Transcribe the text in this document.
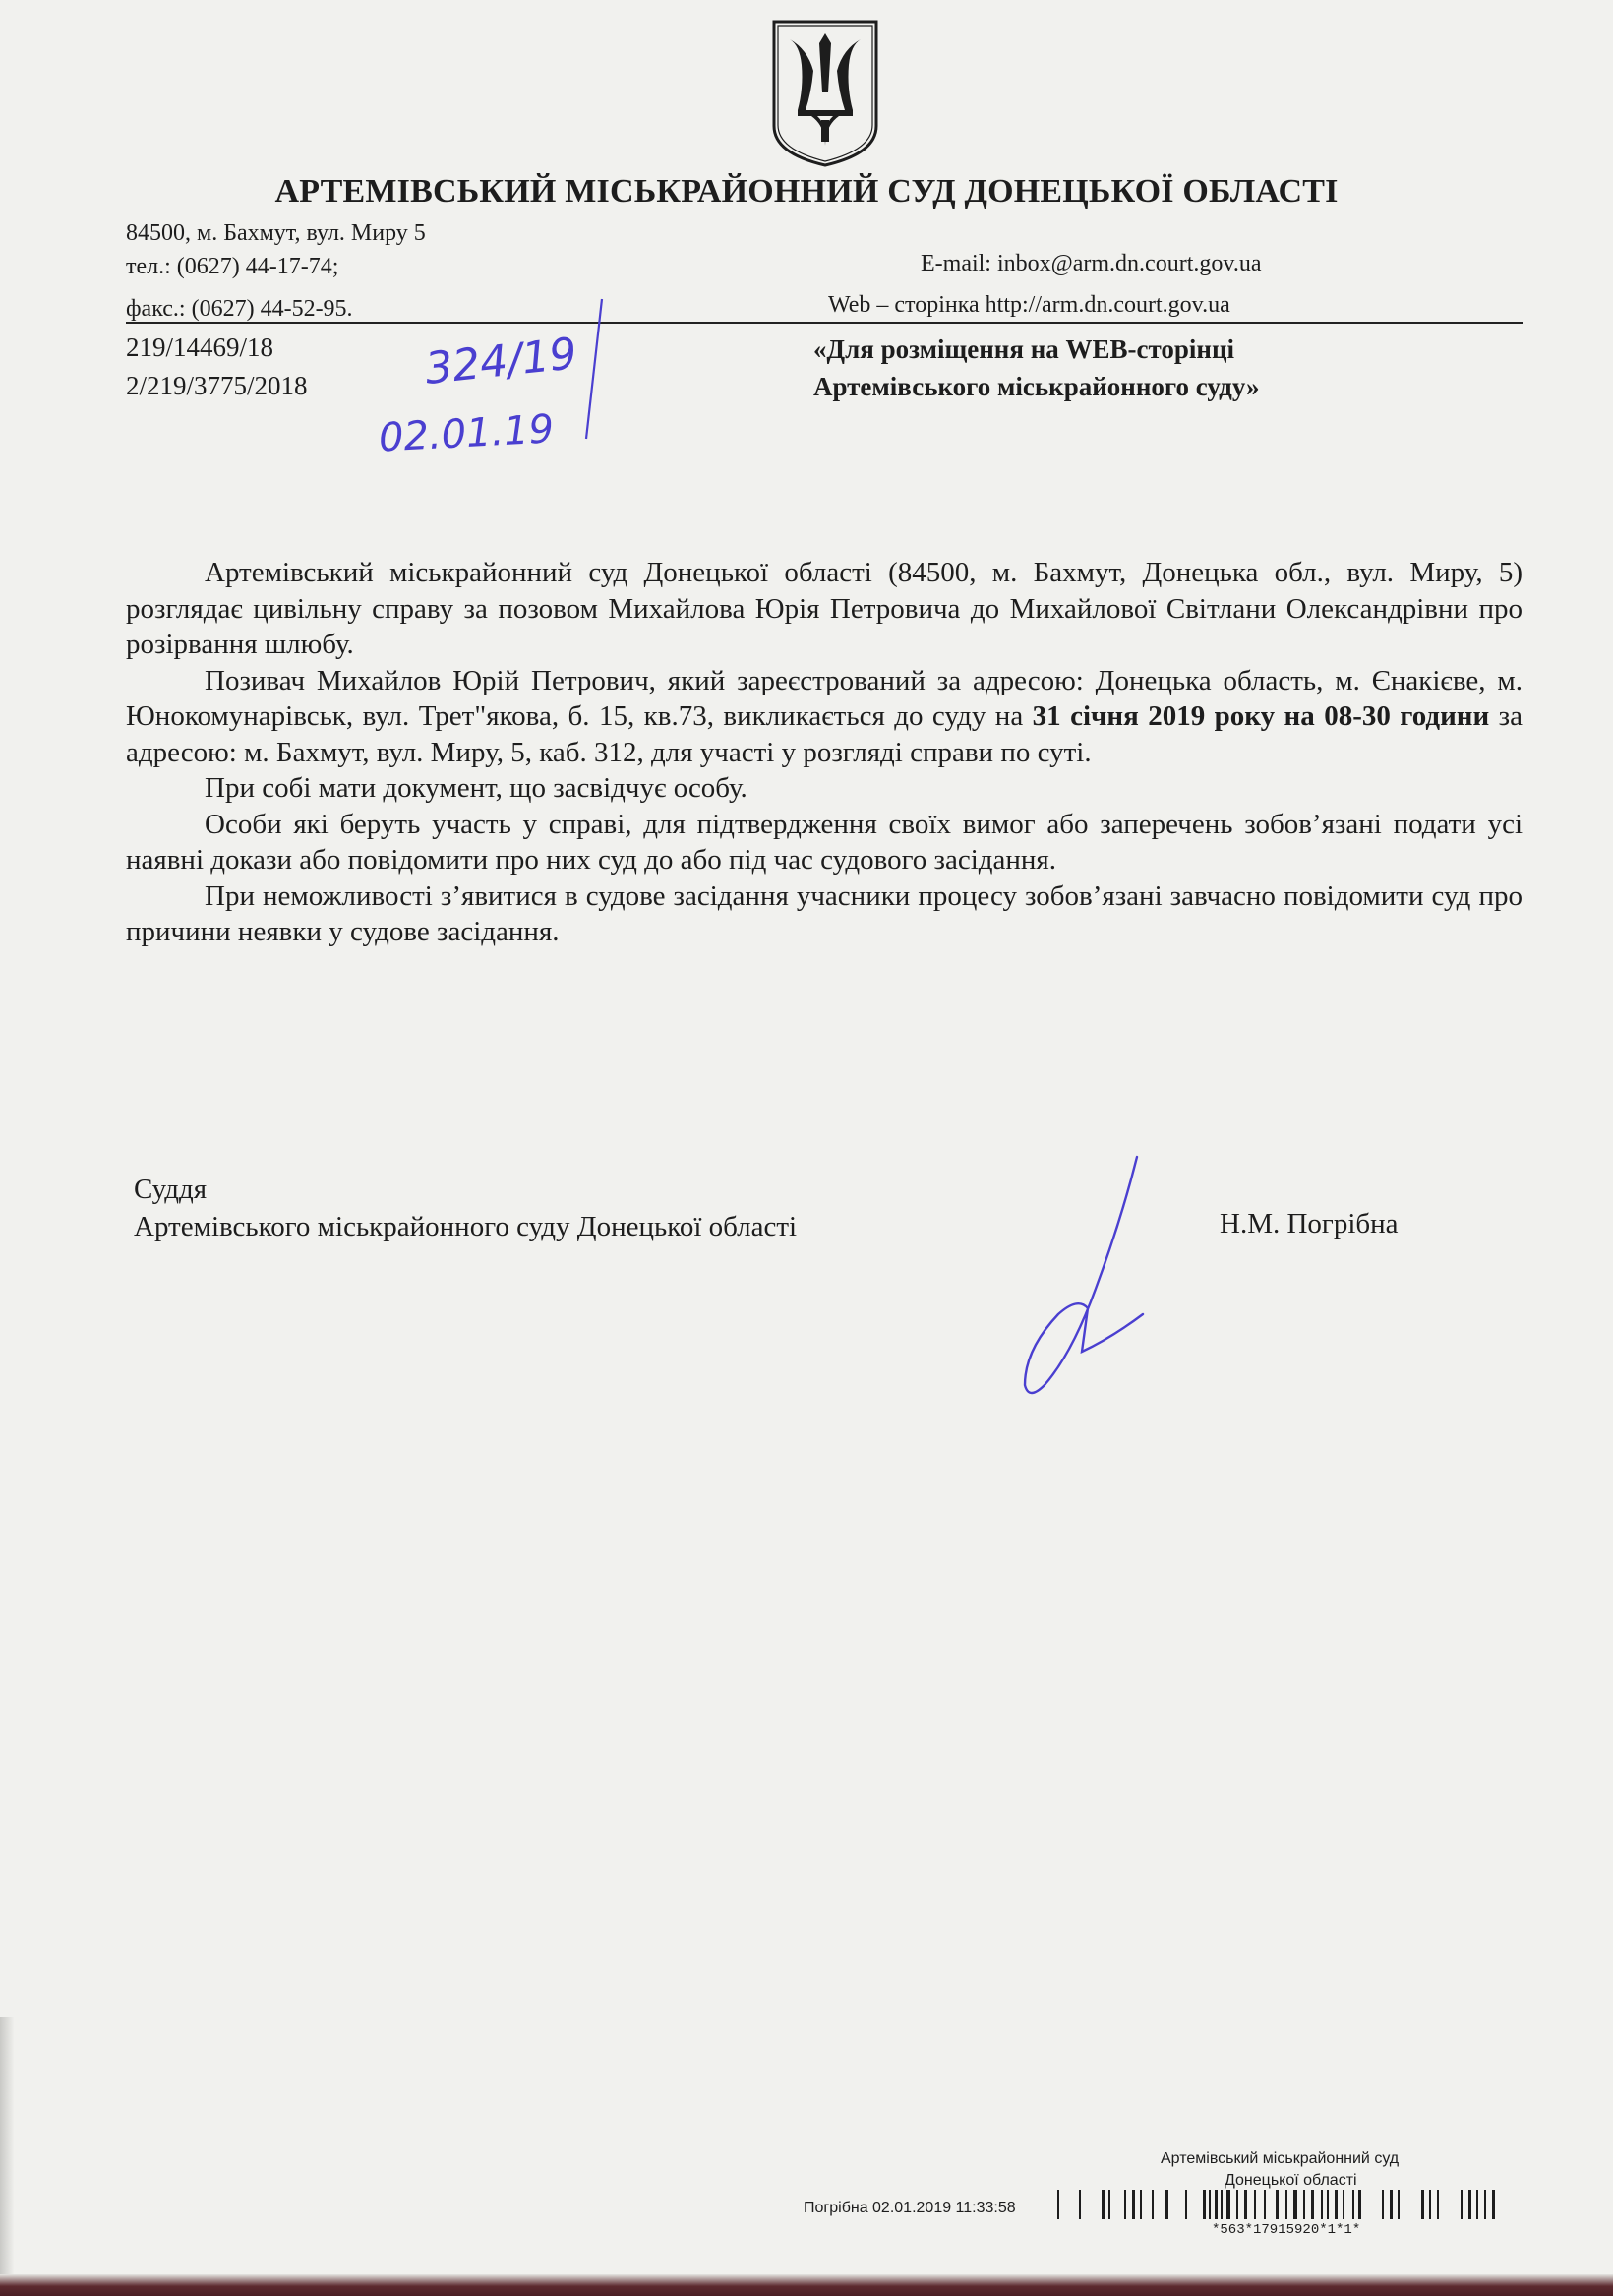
АРТЕМІВСЬКИЙ МІСЬКРАЙОННИЙ СУД ДОНЕЦЬКОЇ ОБЛАСТІ
84500, м. Бахмут, вул. Миру 5
тел.: (0627) 44-17-74;
факс.: (0627) 44-52-95.
E-mail: inbox@arm.dn.court.gov.ua
Web – сторінка http://arm.dn.court.gov.ua
219/14469/18
2/219/3775/2018	324/19
02.01.19
«Для розміщення на WEB-сторінці
Артемівського міськрайонного суду»

Артемівський міськрайонний суд Донецької області (84500, м. Бахмут, Донецька обл., вул. Миру, 5) розглядає цивільну справу за позовом Михайлова Юрія Петровича до Михайлової Світлани Олександрівни про розірвання шлюбу.

Позивач Михайлов Юрій Петрович, який зареєстрований за адресою: Донецька область, м. Єнакієве, м. Юнокомунарівськ, вул. Трет"якова, б. 15, кв.73, викликається до суду на 31 січня 2019 року на 08-30 години за адресою: м. Бахмут, вул. Миру, 5, каб. 312, для участі у розгляді справи по суті.

При собі мати документ, що засвідчує особу.

Особи які беруть участь у справі, для підтвердження своїх вимог або заперечень зобов’язані подати усі наявні докази або повідомити про них суд до або під час судового засідання.

При неможливості з’явитися в судове засідання учасники процесу зобов’язані завчасно повідомити суд про причини неявки у судове засідання.

Суддя
Артемівського міськрайонного суду Донецької області	Н.М. Погрібна
Артемівський міськрайонний суд
Донецької області
Погрібна 02.01.2019 11:33:58
*563*17915920*1*1*
